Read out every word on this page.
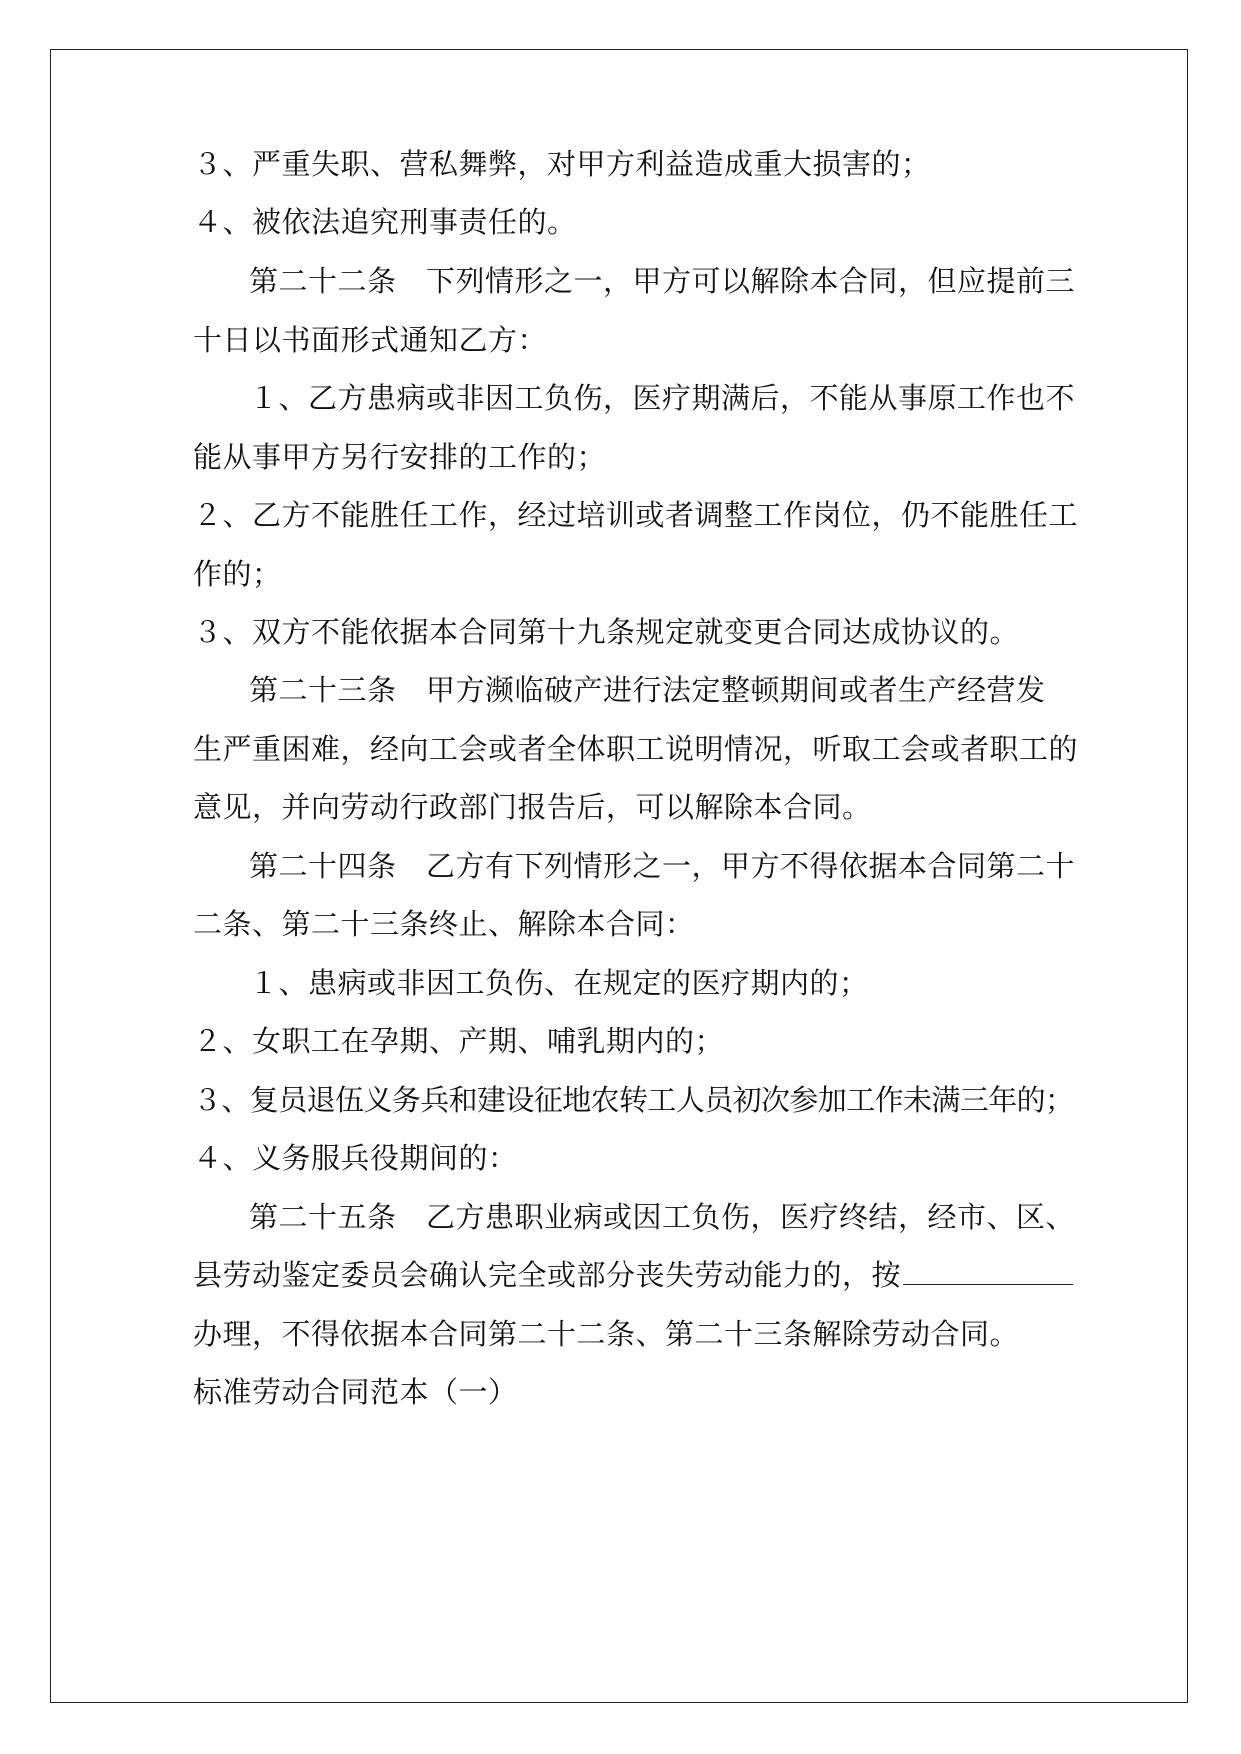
３、严重失职、营私舞弊，对甲方利益造成重大损害的；
４、被依法追究刑事责任的。
第二十二条　下列情形之一，甲方可以解除本合同，但应提前三
十日以书面形式通知乙方：
１、乙方患病或非因工负伤，医疗期满后，不能从事原工作也不
能从事甲方另行安排的工作的；
２、乙方不能胜任工作，经过培训或者调整工作岗位，仍不能胜任工
作的；
３、双方不能依据本合同第十九条规定就变更合同达成协议的。
第二十三条　甲方濒临破产进行法定整顿期间或者生产经营发
生严重困难，经向工会或者全体职工说明情况，听取工会或者职工的
意见，并向劳动行政部门报告后，可以解除本合同。
第二十四条　乙方有下列情形之一，甲方不得依据本合同第二十
二条、第二十三条终止、解除本合同：
１、患病或非因工负伤、在规定的医疗期内的；
２、女职工在孕期、产期、哺乳期内的；
３、复员退伍义务兵和建设征地农转工人员初次参加工作未满三年的；
４、义务服兵役期间的：
第二十五条　乙方患职业病或因工负伤，医疗终结，经市、区、
县劳动鉴定委员会确认完全或部分丧失劳动能力的，按
办理，不得依据本合同第二十二条、第二十三条解除劳动合同。
标准劳动合同范本（一）
